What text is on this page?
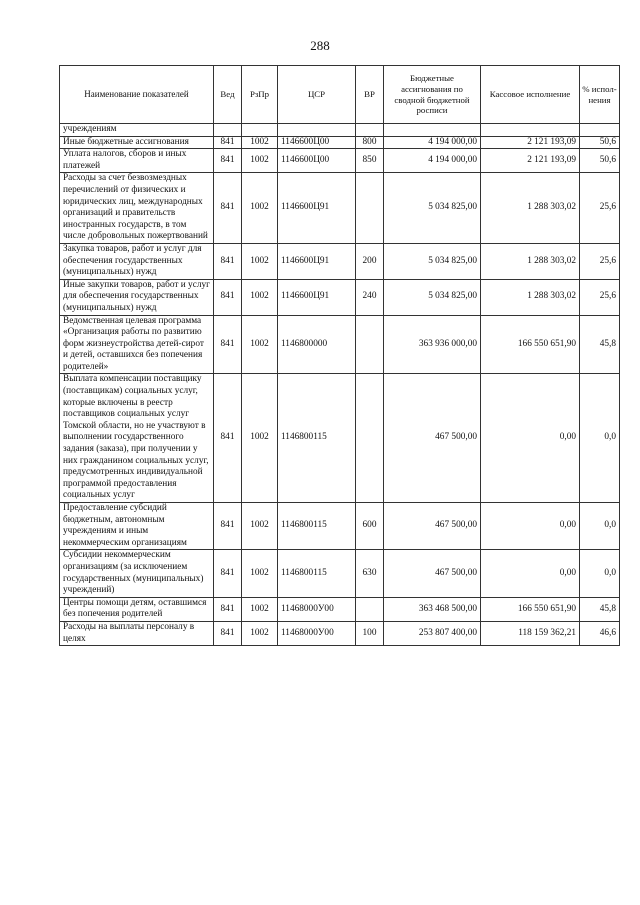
288
Наименование показателей	Вед	РзПр	ЦСР	ВР	Бюджетные ассигнования по сводной бюджетной росписи	Кассовое исполнение	% испол-нения
учреждениям							
Иные бюджетные ассигнования	841	1002	1146600Ц00	800	4 194 000,00	2 121 193,09	50,6
Уплата налогов, сборов и иных платежей	841	1002	1146600Ц00	850	4 194 000,00	2 121 193,09	50,6
Расходы за счет безвозмездных перечислений от физических и юридических лиц, международных организаций и правительств иностранных государств, в том числе добровольных пожертвований	841	1002	1146600Ц91		5 034 825,00	1 288 303,02	25,6
Закупка товаров, работ и услуг для обеспечения государственных (муниципальных) нужд	841	1002	1146600Ц91	200	5 034 825,00	1 288 303,02	25,6
Иные закупки товаров, работ и услуг для обеспечения государственных (муниципальных) нужд	841	1002	1146600Ц91	240	5 034 825,00	1 288 303,02	25,6
Ведомственная целевая программа «Организация работы по развитию форм жизнеустройства детей-сирот и детей, оставшихся без попечения родителей»	841	1002	1146800000		363 936 000,00	166 550 651,90	45,8
Выплата компенсации поставщику (поставщикам) социальных услуг, которые включены в реестр поставщиков социальных услуг Томской области, но не участвуют в выполнении государственного задания (заказа), при получении у них гражданином социальных услуг, предусмотренных индивидуальной программой предоставления социальных услуг	841	1002	1146800115		467 500,00	0,00	0,0
Предоставление субсидий бюджетным, автономным учреждениям и иным некоммерческим организациям	841	1002	1146800115	600	467 500,00	0,00	0,0
Субсидии некоммерческим организациям (за исключением государственных (муниципальных) учреждений)	841	1002	1146800115	630	467 500,00	0,00	0,0
Центры помощи детям, оставшимся без попечения родителей	841	1002	11468000У00		363 468 500,00	166 550 651,90	45,8
Расходы на выплаты персоналу в целях	841	1002	11468000У00	100	253 807 400,00	118 159 362,21	46,6
